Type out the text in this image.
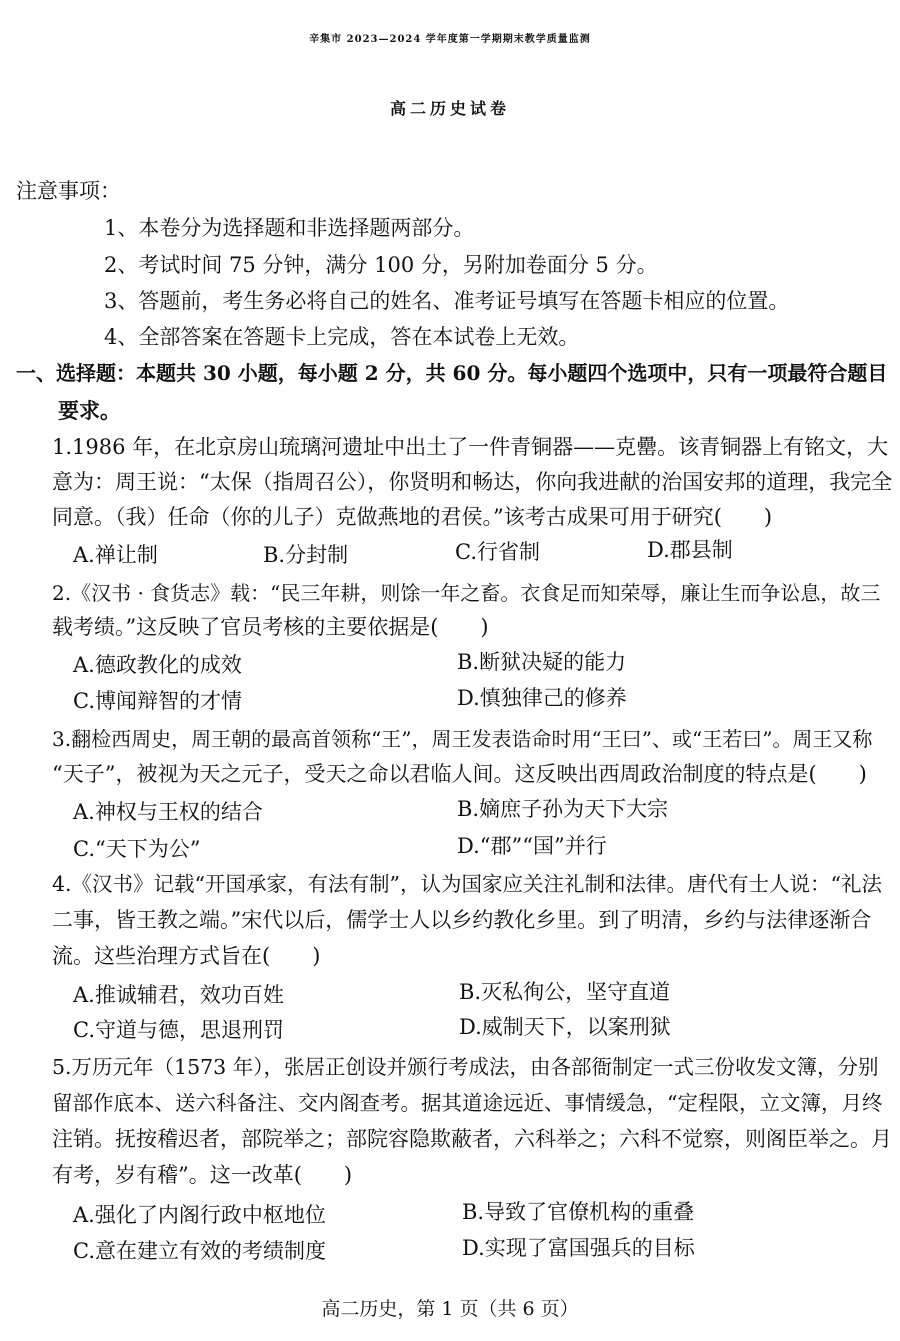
辛集市 2023—2024 学年度第一学期期末教学质量监测
高二历史试卷
注意事项：
1、本卷分为选择题和非选择题两部分。
2、考试时间 75 分钟，满分 100 分，另附加卷面分 5 分。
3、答题前，考生务必将自己的姓名、准考证号填写在答题卡相应的位置。
4、全部答案在答题卡上完成，答在本试卷上无效。
一、选择题：本题共 30 小题，每小题 2 分，共 60 分。每小题四个选项中，只有一项最符合题目
要求。
1.1986 年，在北京房山琉璃河遗址中出土了一件青铜器——克罍。该青铜器上有铭文，大
意为：周王说：“太保（指周召公），你贤明和畅达，你向我进献的治国安邦的道理，我完全
同意。（我）任命（你的儿子）克做燕地的君侯。”该考古成果可用于研究(　　)
A.禅让制	B.分封制	C.行省制	D.郡县制
2.《汉书 · 食货志》载：“民三年耕，则馀一年之畜。衣食足而知荣辱，廉让生而争讼息，故三
载考绩。”这反映了官员考核的主要依据是(　　)
A.德政教化的成效	B.断狱决疑的能力
C.博闻辩智的才情	D.慎独律己的修养
3.翻检西周史，周王朝的最高首领称“王”，周王发表诰命时用“王曰”、或“王若曰”。周王又称
“天子”，被视为天之元子，受天之命以君临人间。这反映出西周政治制度的特点是(　　)
A.神权与王权的结合	B.嫡庶子孙为天下大宗
C.“天下为公”	D.“郡”“国”并行
4.《汉书》记载“开国承家，有法有制”，认为国家应关注礼制和法律。唐代有士人说：“礼法
二事，皆王教之端。”宋代以后，儒学士人以乡约教化乡里。到了明清，乡约与法律逐渐合
流。这些治理方式旨在(　　)
A.推诚辅君，效功百姓	B.灭私徇公，坚守直道
C.守道与德，思退刑罚	D.威制天下，以案刑狱
5.万历元年（1573 年），张居正创设并颁行考成法，由各部衙制定一式三份收发文簿，分别
留部作底本、送六科备注、交内阁查考。据其道途远近、事情缓急，“定程限，立文簿，月终
注销。抚按稽迟者，部院举之；部院容隐欺蔽者，六科举之；六科不觉察，则阁臣举之。月
有考，岁有稽”。这一改革(　　)
A.强化了内阁行政中枢地位	B.导致了官僚机构的重叠
C.意在建立有效的考绩制度	D.实现了富国强兵的目标
高二历史，第 1 页（共 6 页）
